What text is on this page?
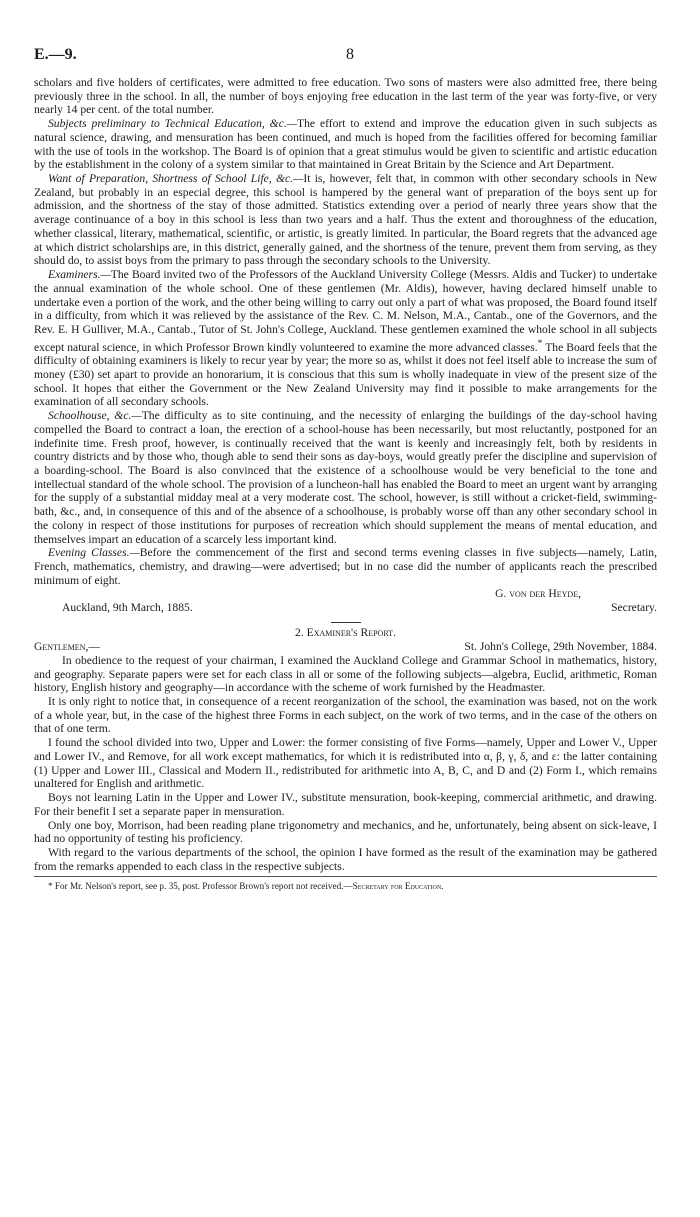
E.—9.	8

scholars and five holders of certificates, were admitted to free education. Two sons of masters were also admitted free, there being previously three in the school. In all, the number of boys enjoying free education in the last term of the year was forty-five, or very nearly 14 per cent. of the total number.

Subjects preliminary to Technical Education, &c.—The effort to extend and improve the education given in such subjects as natural science, drawing, and mensuration has been continued, and much is hoped from the facilities offered for becoming familiar with the use of tools in the workshop. The Board is of opinion that a great stimulus would be given to scientific and artistic education by the establishment in the colony of a system similar to that maintained in Great Britain by the Science and Art Department.

Want of Preparation, Shortness of School Life, &c.—It is, however, felt that, in common with other secondary schools in New Zealand, but probably in an especial degree, this school is hampered by the general want of preparation of the boys sent up for admission, and the shortness of the stay of those admitted. Statistics extending over a period of nearly three years show that the average continuance of a boy in this school is less than two years and a half. Thus the extent and thoroughness of the education, whether classical, literary, mathematical, scientific, or artistic, is greatly limited. In particular, the Board regrets that the advanced age at which district scholarships are, in this district, generally gained, and the shortness of the tenure, prevent them from serving, as they should do, to assist boys from the primary to pass through the secondary schools to the University.

Examiners.—The Board invited two of the Professors of the Auckland University College (Messrs. Aldis and Tucker) to undertake the annual examination of the whole school. One of these gentlemen (Mr. Aldis), however, having declared himself unable to undertake even a portion of the work, and the other being willing to carry out only a part of what was proposed, the Board found itself in a difficulty, from which it was relieved by the assistance of the Rev. C. M. Nelson, M.A., Cantab., one of the Governors, and the Rev. E. H Gulliver, M.A., Cantab., Tutor of St. John's College, Auckland. These gentlemen examined the whole school in all subjects except natural science, in which Professor Brown kindly volunteered to examine the more advanced classes.* The Board feels that the difficulty of obtaining examiners is likely to recur year by year; the more so as, whilst it does not feel itself able to increase the sum of money (£30) set apart to provide an honorarium, it is conscious that this sum is wholly inadequate in view of the present size of the school. It hopes that either the Government or the New Zealand University may find it possible to make arrangements for the examination of all secondary schools.

Schoolhouse, &c.—The difficulty as to site continuing, and the necessity of enlarging the buildings of the day-school having compelled the Board to contract a loan, the erection of a school-house has been necessarily, but most reluctantly, postponed for an indefinite time. Fresh proof, however, is continually received that the want is keenly and increasingly felt, both by residents in country districts and by those who, though able to send their sons as day-boys, would greatly prefer the discipline and supervision of a boarding-school. The Board is also convinced that the existence of a schoolhouse would be very beneficial to the tone and intellectual standard of the whole school. The provision of a luncheon-hall has enabled the Board to meet an urgent want by arranging for the supply of a substantial midday meal at a very moderate cost. The school, however, is still without a cricket-field, swimming-bath, &c., and, in consequence of this and of the absence of a schoolhouse, is probably worse off than any other secondary school in the colony in respect of those institutions for purposes of recreation which should supplement the means of mental education, and themselves impart an education of a scarcely less important kind.

Evening Classes.—Before the commencement of the first and second terms evening classes in five subjects—namely, Latin, French, mathematics, chemistry, and drawing—were advertised; but in no case did the number of applicants reach the prescribed minimum of eight.

G. von der Heyde,
Auckland, 9th March, 1885.	Secretary.
2. Examiner's Report.
Gentlemen,—	St. John's College, 29th November, 1884.

In obedience to the request of your chairman, I examined the Auckland College and Grammar School in mathematics, history, and geography. Separate papers were set for each class in all or some of the following subjects—algebra, Euclid, arithmetic, Roman history, English history and geography—in accordance with the scheme of work furnished by the Headmaster.

It is only right to notice that, in consequence of a recent reorganization of the school, the examination was based, not on the work of a whole year, but, in the case of the highest three Forms in each subject, on the work of two terms, and in the case of the others on that of one term.

I found the school divided into two, Upper and Lower: the former consisting of five Forms—namely, Upper and Lower V., Upper and Lower IV., and Remove, for all work except mathematics, for which it is redistributed into α, β, γ, δ, and ε: the latter containing (1) Upper and Lower III., Classical and Modern II., redistributed for arithmetic into A, B, C, and D and (2) Form I., which remains unaltered for English and arithmetic.

Boys not learning Latin in the Upper and Lower IV., substitute mensuration, book-keeping, commercial arithmetic, and drawing. For their benefit I set a separate paper in mensuration.

Only one boy, Morrison, had been reading plane trigonometry and mechanics, and he, unfortunately, being absent on sick-leave, I had no opportunity of testing his proficiency.

With regard to the various departments of the school, the opinion I have formed as the result of the examination may be gathered from the remarks appended to each class in the respective subjects.

* For Mr. Nelson's report, see p. 35, post. Professor Brown's report not received.—Secretary for Education.
